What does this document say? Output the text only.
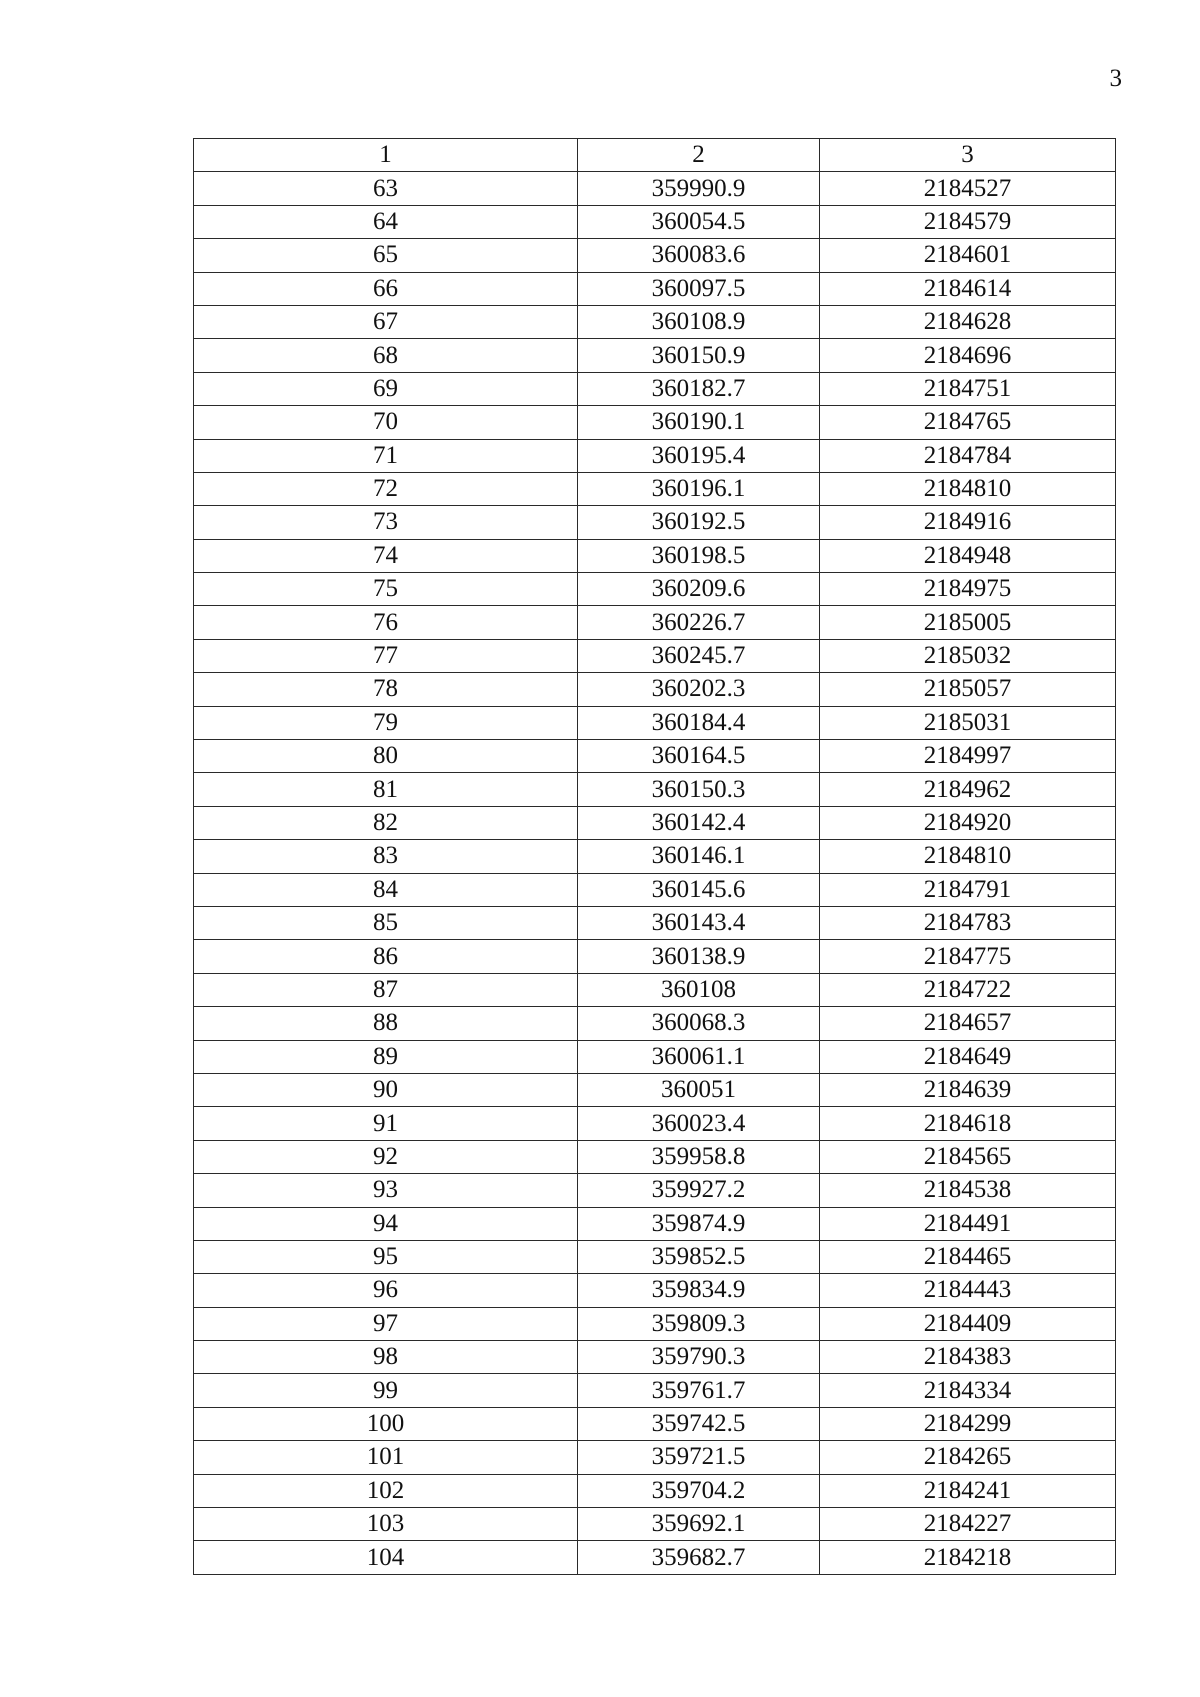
3
1	2	3
63	359990.9	2184527
64	360054.5	2184579
65	360083.6	2184601
66	360097.5	2184614
67	360108.9	2184628
68	360150.9	2184696
69	360182.7	2184751
70	360190.1	2184765
71	360195.4	2184784
72	360196.1	2184810
73	360192.5	2184916
74	360198.5	2184948
75	360209.6	2184975
76	360226.7	2185005
77	360245.7	2185032
78	360202.3	2185057
79	360184.4	2185031
80	360164.5	2184997
81	360150.3	2184962
82	360142.4	2184920
83	360146.1	2184810
84	360145.6	2184791
85	360143.4	2184783
86	360138.9	2184775
87	360108	2184722
88	360068.3	2184657
89	360061.1	2184649
90	360051	2184639
91	360023.4	2184618
92	359958.8	2184565
93	359927.2	2184538
94	359874.9	2184491
95	359852.5	2184465
96	359834.9	2184443
97	359809.3	2184409
98	359790.3	2184383
99	359761.7	2184334
100	359742.5	2184299
101	359721.5	2184265
102	359704.2	2184241
103	359692.1	2184227
104	359682.7	2184218
